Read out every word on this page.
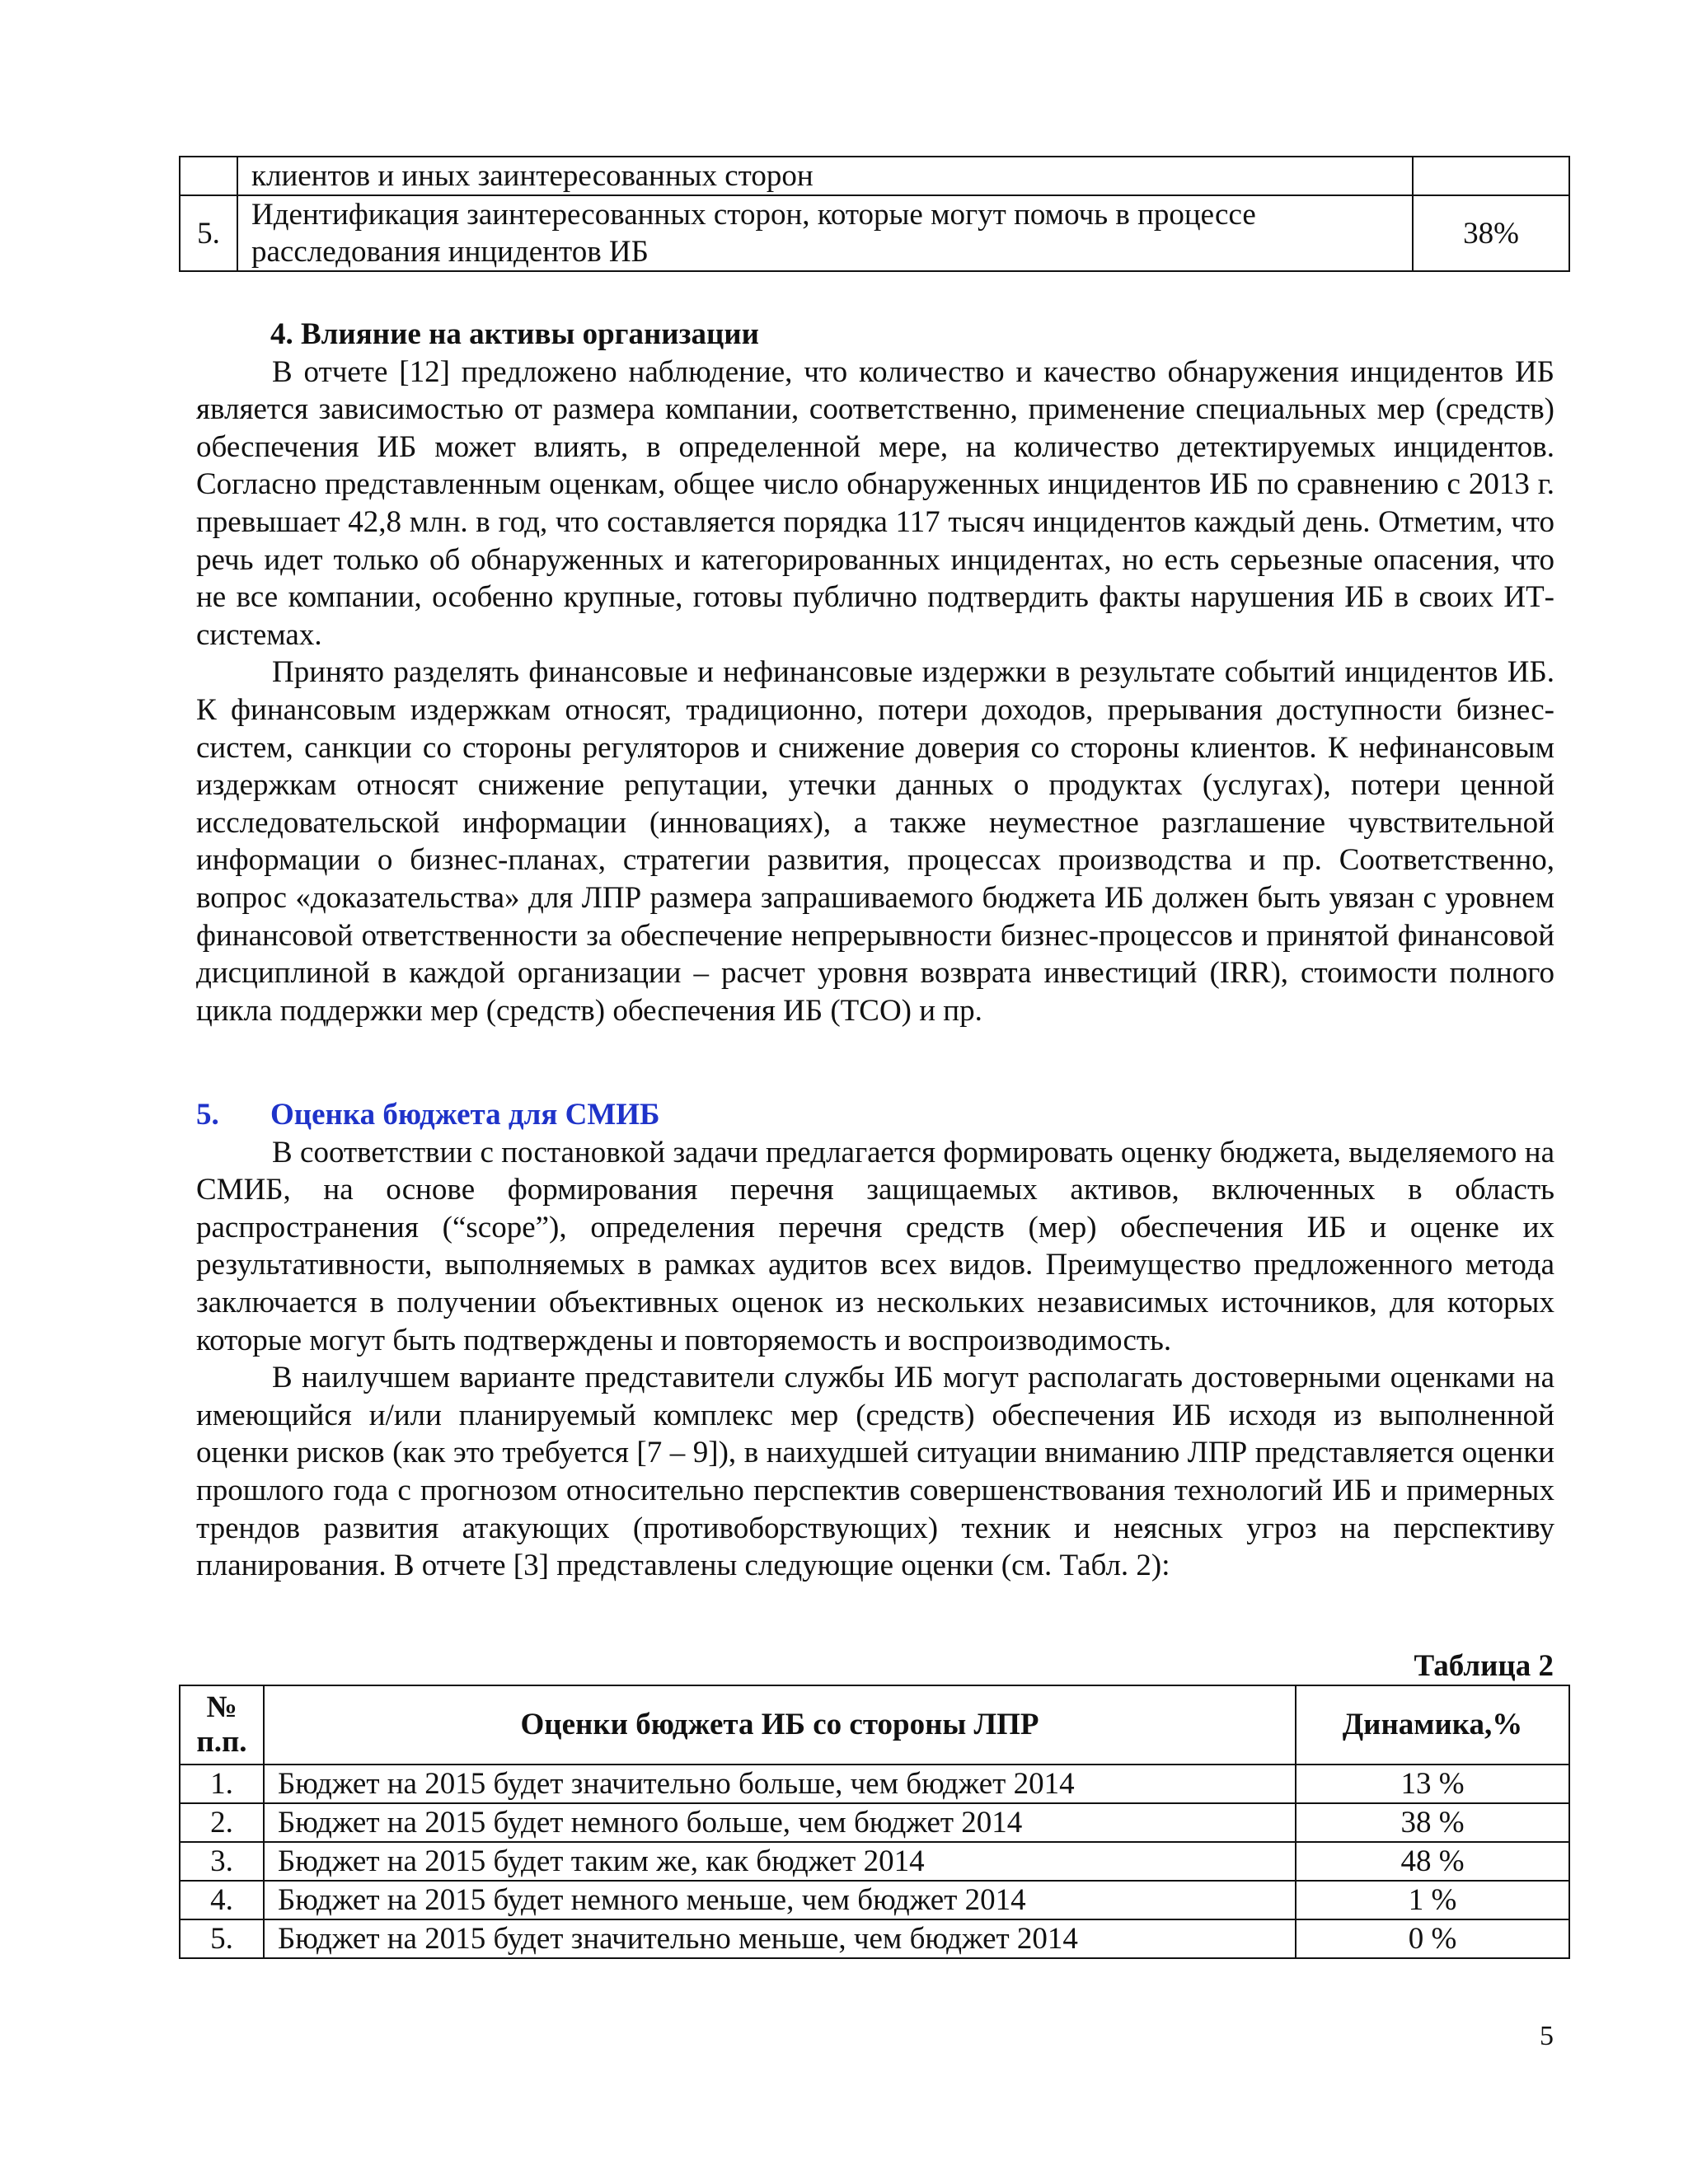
	клиентов и иных заинтересованных сторон	
5.	Идентификация заинтересованных сторон, которые могут помочь в процессе расследования инцидентов ИБ	38%
4. Влияние на активы организации

В отчете [12] предложено наблюдение, что количество и качество обнаружения инцидентов ИБ является зависимостью от размера компании, соответственно, применение специальных мер (средств) обеспечения ИБ может влиять, в определенной мере, на количество детектируемых инцидентов. Согласно представленным оценкам, общее число обнаруженных инцидентов ИБ по сравнению с 2013 г. превышает 42,8 млн. в год, что составляется порядка 117 тысяч инцидентов каждый день. Отметим, что речь идет только об обнаруженных и категорированных инцидентах, но есть серьезные опасения, что не все компании, особенно крупные, готовы публично подтвердить факты нарушения ИБ в своих ИТ-системах.

Принято разделять финансовые и нефинансовые издержки в результате событий инцидентов ИБ. К финансовым издержкам относят, традиционно, потери доходов, прерывания доступности бизнес-систем, санкции со стороны регуляторов и снижение доверия со стороны клиентов. К нефинансовым издержкам относят снижение репутации, утечки данных о продуктах (услугах), потери ценной исследовательской информации (инновациях), а также неуместное разглашение чувствительной информации о бизнес-планах, стратегии развития, процессах производства и пр. Соответственно, вопрос «доказательства» для ЛПР размера запрашиваемого бюджета ИБ должен быть увязан с уровнем финансовой ответственности за обеспечение непрерывности бизнес-процессов и принятой финансовой дисциплиной в каждой организации – расчет уровня возврата инвестиций (IRR), стоимости полного цикла поддержки мер (средств) обеспечения ИБ (TCO) и пр.

5. Оценка бюджета для СМИБ

В соответствии с постановкой задачи предлагается формировать оценку бюджета, выделяемого на СМИБ, на основе формирования перечня защищаемых активов, включенных в область распространения (“scope”), определения перечня средств (мер) обеспечения ИБ и оценке их результативности, выполняемых в рамках аудитов всех видов. Преимущество предложенного метода заключается в получении объективных оценок из нескольких независимых источников, для которых которые могут быть подтверждены и повторяемость и воспроизводимость.

В наилучшем варианте представители службы ИБ могут располагать достоверными оценками на имеющийся и/или планируемый комплекс мер (средств) обеспечения ИБ исходя из выполненной оценки рисков (как это требуется [7 – 9]), в наихудшей ситуации вниманию ЛПР представляется оценки прошлого года с прогнозом относительно перспектив совершенствования технологий ИБ и примерных трендов развития атакующих (противоборствующих) техник и неясных угроз на перспективу планирования. В отчете [3] представлены следующие оценки (см. Табл. 2):

Таблица 2
№ п.п.	Оценки бюджета ИБ со стороны ЛПР	Динамика,%
1.	Бюджет на 2015 будет значительно больше, чем бюджет 2014	13 %
2.	Бюджет на 2015 будет немного больше, чем бюджет 2014	38 %
3.	Бюджет на 2015 будет таким же, как бюджет 2014	48 %
4.	Бюджет на 2015 будет немного меньше, чем бюджет 2014	1 %
5.	Бюджет на 2015 будет значительно меньше, чем бюджет 2014	0 %
5
